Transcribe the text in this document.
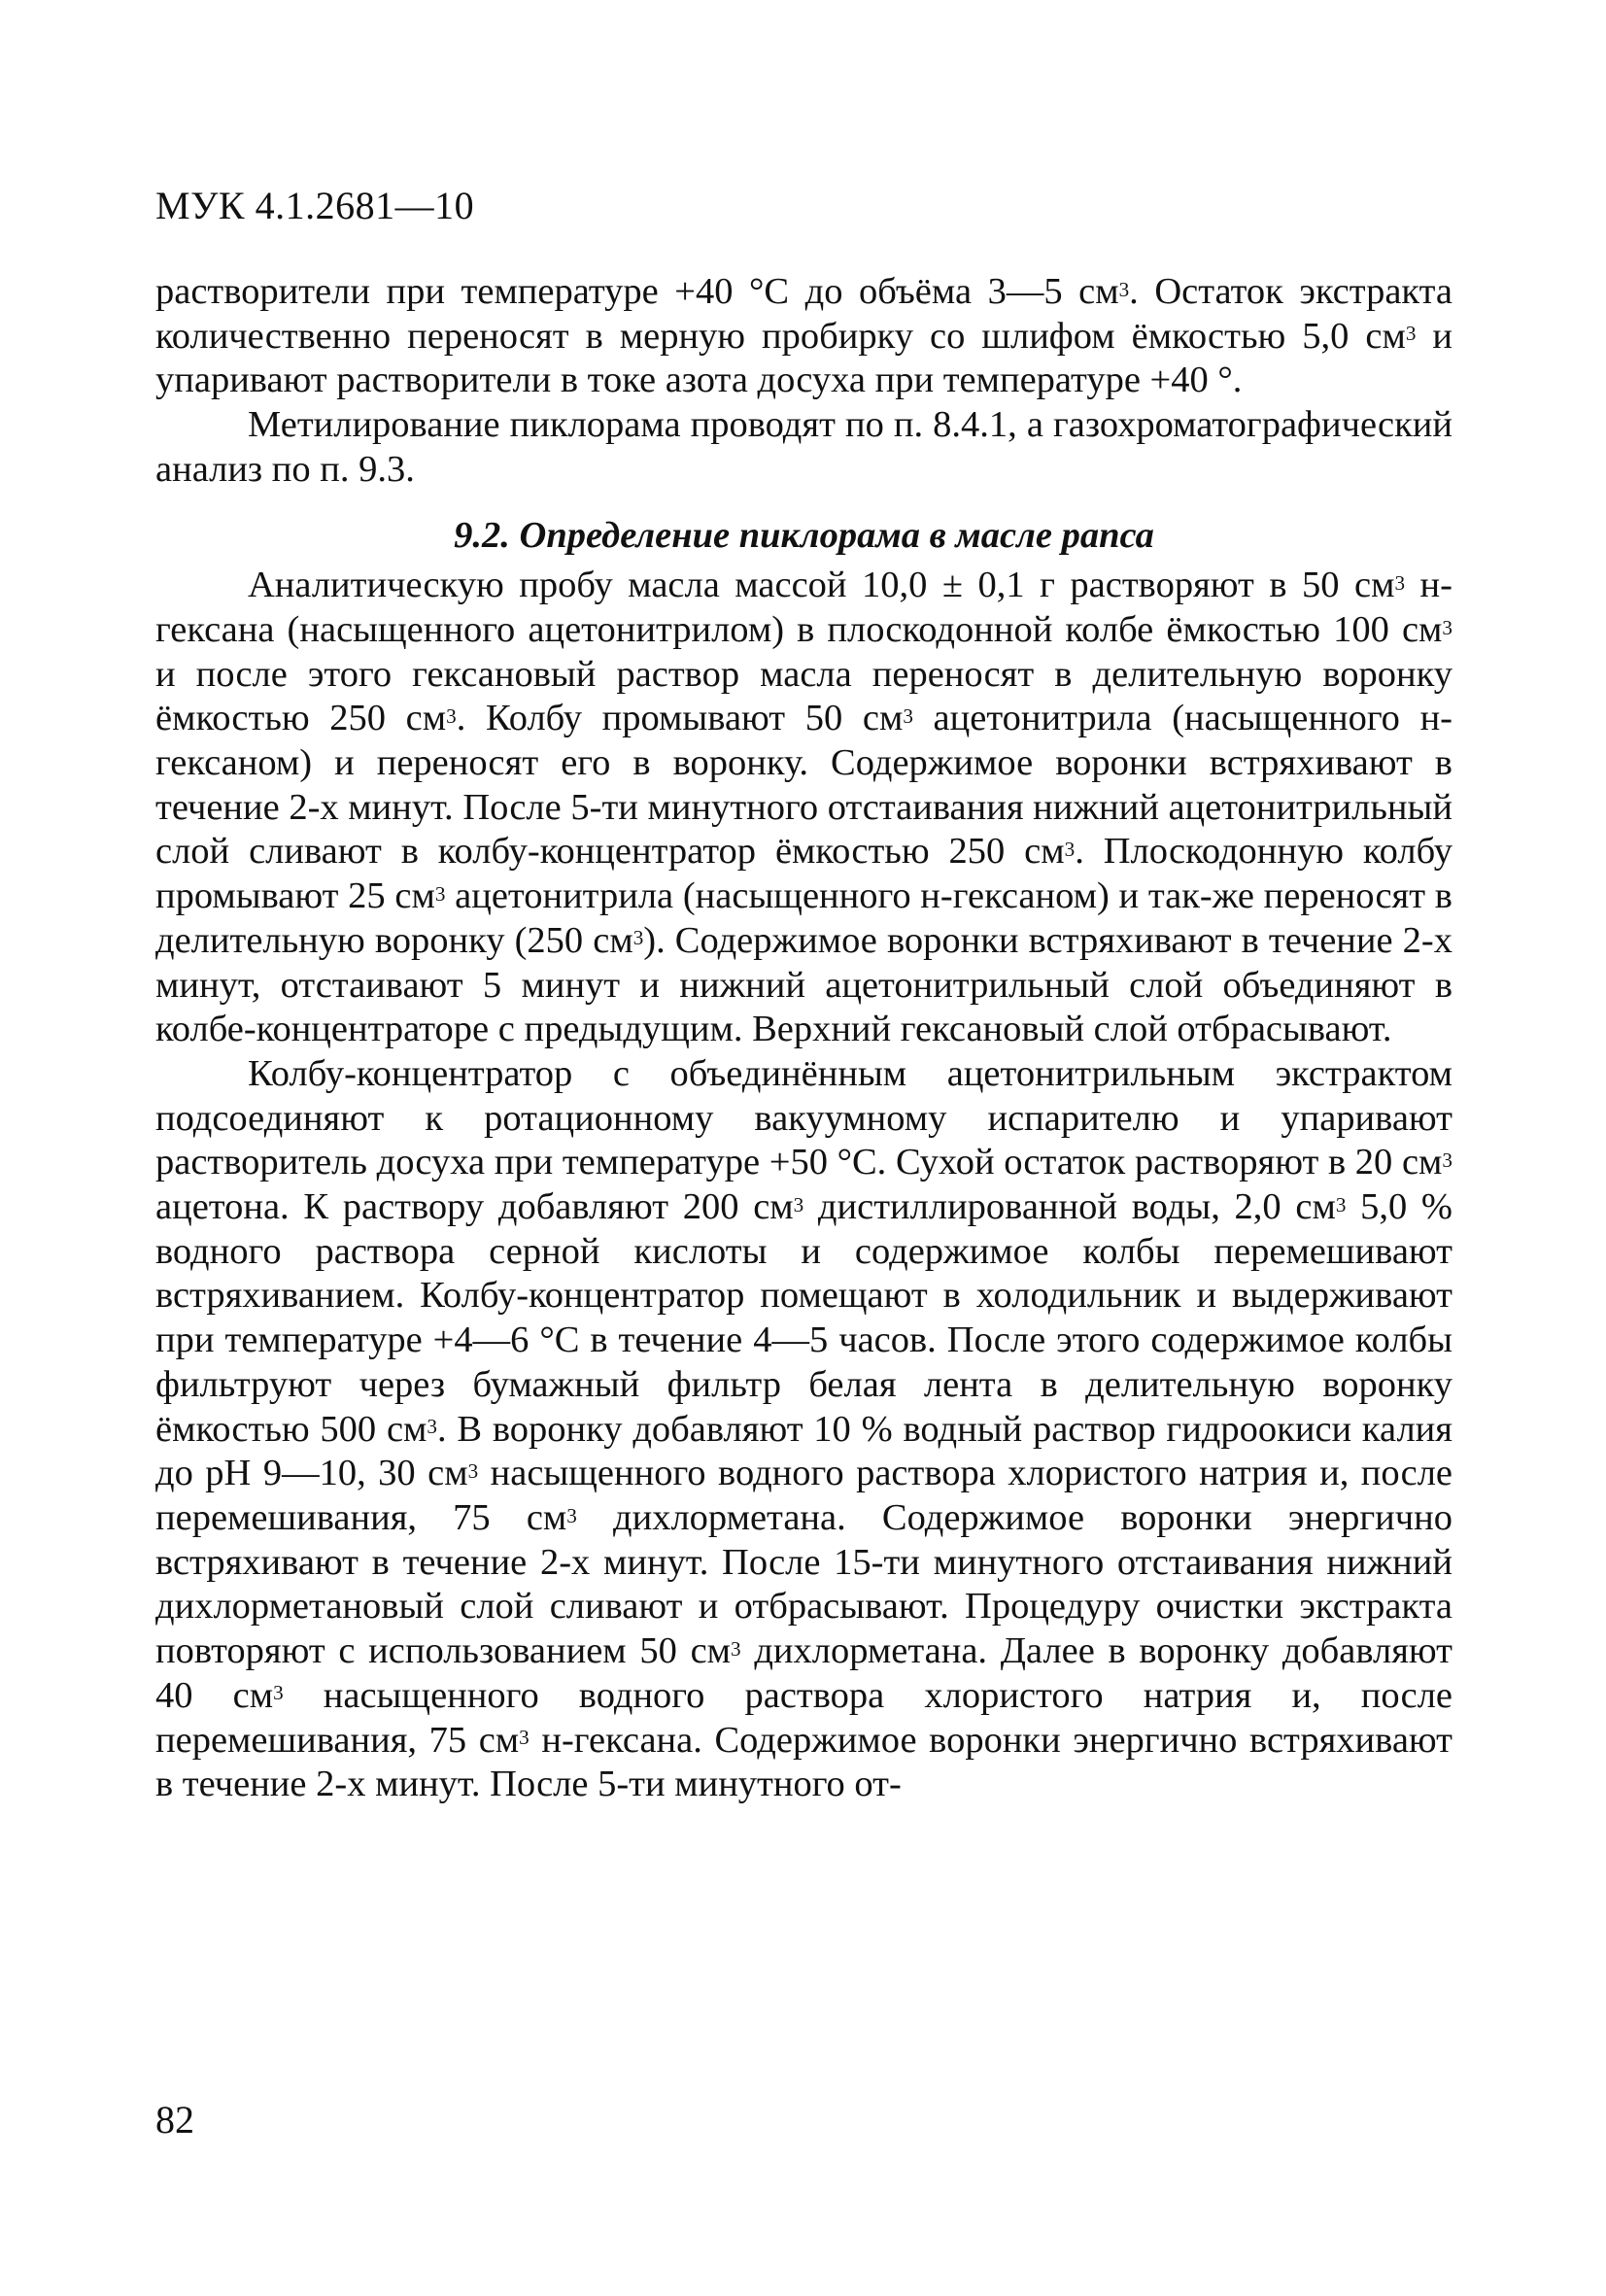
МУК 4.1.2681—10

растворители при температуре +40 °С до объёма 3—5 $см^3$. Остаток экстракта количественно переносят в мерную пробирку со шлифом ёмкостью 5,0 $см^3$ и упаривают растворители в токе азота досуха при температуре +40 °.

Метилирование пиклорама проводят по п. 8.4.1, а газохроматографический анализ по п. 9.3.

9.2. Определение пиклорама в масле рапса

Аналитическую пробу масла массой 10,0 ± 0,1 г растворяют в 50 $см^3$ н-гексана (насыщенного ацетонитрилом) в плоскодонной колбе ёмкостью 100 $см^3$ и после этого гексановый раствор масла переносят в делительную воронку ёмкостью 250 $см^3$. Колбу промывают 50 $см^3$ ацетонитрила (насыщенного н-гексаном) и переносят его в воронку. Содержимое воронки встряхивают в течение 2-х минут. После 5-ти минутного отстаивания нижний ацетонитрильный слой сливают в колбу-концентратор ёмкостью 250 $см^3$. Плоскодонную колбу промывают 25 $см^3$ ацетонитрила (насыщенного н-гексаном) и так-же переносят в делительную воронку (250 $см^3$). Содержимое воронки встряхивают в течение 2-х минут, отстаивают 5 минут и нижний ацетонитрильный слой объединяют в колбе-концентраторе с предыдущим. Верхний гексановый слой отбрасывают.

Колбу-концентратор с объединённым ацетонитрильным экстрактом подсоединяют к ротационному вакуумному испарителю и упаривают растворитель досуха при температуре +50 °С. Сухой остаток растворяют в 20 $см^3$ ацетона. К раствору добавляют 200 $см^3$ дистиллированной воды, 2,0 $см^3$ 5,0 % водного раствора серной кислоты и содержимое колбы перемешивают встряхиванием. Колбу-концентратор помещают в холодильник и выдерживают при температуре +4—6 °С в течение 4—5 часов. После этого содержимое колбы фильтруют через бумажный фильтр белая лента в делительную воронку ёмкостью 500 $см^3$. В воронку добавляют 10 % водный раствор гидроокиси калия до рН 9—10, 30 $см^3$ насыщенного водного раствора хлористого натрия и, после перемешивания, 75 $см^3$ дихлорметана. Содержимое воронки энергично встряхивают в течение 2-х минут. После 15-ти минутного отстаивания нижний дихлорметановый слой сливают и отбрасывают. Процедуру очистки экстракта повторяют с использованием 50 $см^3$ дихлорметана. Далее в воронку добавляют 40 $см^3$ насыщенного водного раствора хлористого натрия и, после перемешивания, 75 $см^3$ н-гексана. Содержимое воронки энергично встряхивают в течение 2-х минут. После 5-ти минутного от-

82
